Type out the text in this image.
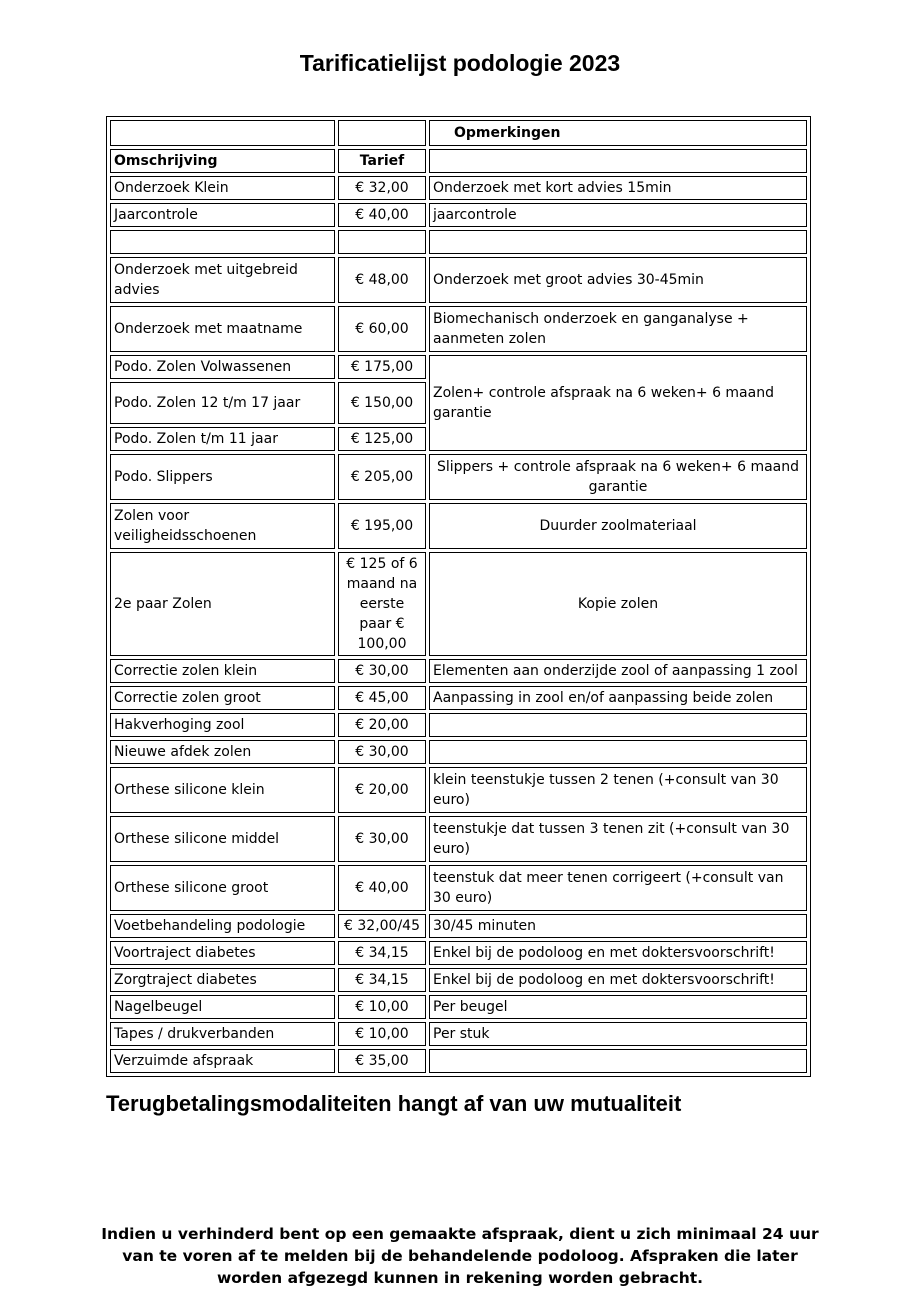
Tarificatielijst podologie 2023
		Opmerkingen
Omschrijving	Tarief	
Onderzoek Klein	€ 32,00	Onderzoek met kort advies 15min
Jaarcontrole	€ 40,00	jaarcontrole

Onderzoek met uitgebreid advies	€ 48,00	Onderzoek met groot advies 30-45min
Onderzoek met maatname	€ 60,00	Biomechanisch onderzoek en ganganalyse + aanmeten zolen
Podo. Zolen Volwassenen	€ 175,00	Zolen+ controle afspraak na 6 weken+ 6 maand garantie
Podo. Zolen 12 t/m 17 jaar	€ 150,00	
Podo. Zolen t/m 11 jaar	€ 125,00	
Podo. Slippers	€ 205,00	Slippers + controle afspraak na 6 weken+ 6 maand garantie
Zolen voor veiligheidsschoenen	€ 195,00	Duurder zoolmateriaal
2e paar Zolen	€ 125 of 6 maand na eerste paar € 100,00	Kopie zolen
Correctie zolen klein	€ 30,00	Elementen aan onderzijde zool of aanpassing 1 zool
Correctie zolen groot	€ 45,00	Aanpassing in zool en/of aanpassing beide zolen
Hakverhoging zool	€ 20,00	
Nieuwe afdek zolen	€ 30,00	
Orthese silicone klein	€ 20,00	klein teenstukje tussen 2 tenen (+consult van 30 euro)
Orthese silicone middel	€ 30,00	teenstukje dat tussen 3 tenen zit (+consult van 30 euro)
Orthese silicone groot	€ 40,00	teenstuk dat meer tenen corrigeert (+consult van 30 euro)
Voetbehandeling podologie	€ 32,00/45	30/45 minuten
Voortraject diabetes	€ 34,15	Enkel bij de podoloog en met doktersvoorschrift!
Zorgtraject diabetes	€ 34,15	Enkel bij de podoloog en met doktersvoorschrift!
Nagelbeugel	€ 10,00	Per beugel
Tapes / drukverbanden	€ 10,00	Per stuk
Verzuimde afspraak	€ 35,00	
Terugbetalingsmodaliteiten hangt af van uw mutualiteit
Indien u verhinderd bent op een gemaakte afspraak, dient u zich minimaal 24 uur van te voren af te melden bij de behandelende podoloog. Afspraken die later worden afgezegd kunnen in rekening worden gebracht.
